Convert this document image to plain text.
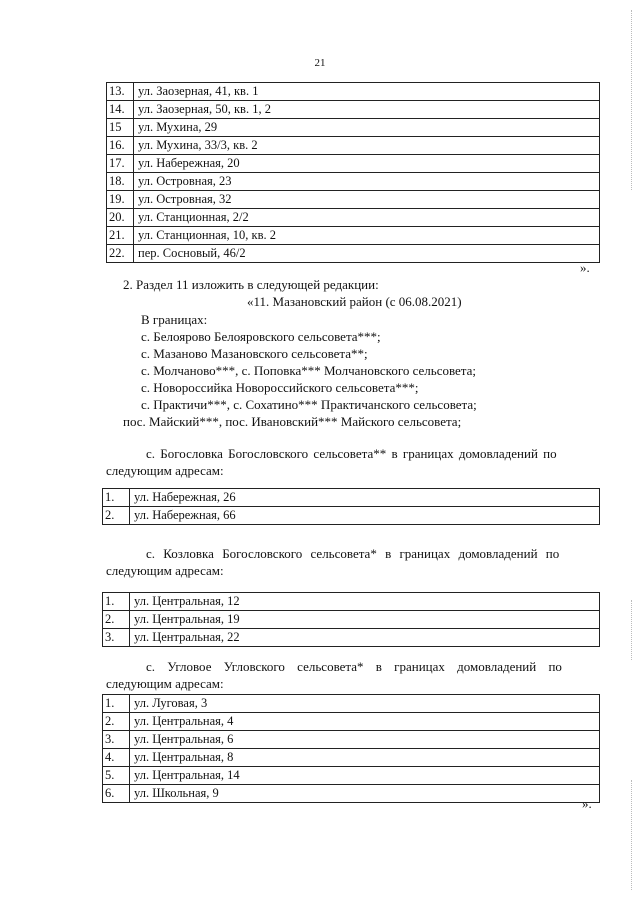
21
13.	ул. Заозерная, 41, кв. 1
14.	ул. Заозерная, 50, кв. 1, 2
15	ул. Мухина, 29
16.	ул. Мухина, 33/3, кв. 2
17.	ул. Набережная, 20
18.	ул. Островная, 23
19.	ул. Островная, 32
20.	ул. Станционная, 2/2
21.	ул. Станционная, 10, кв. 2
22.	пер. Сосновый, 46/2
».
2. Раздел 11 изложить в следующей редакции:
«11. Мазановский район (с 06.08.2021)
В границах:
с. Белоярово Белояровского сельсовета***;
с. Мазаново Мазановского сельсовета**;
с. Молчаново***, с. Поповка*** Молчановского сельсовета;
с. Новороссийка Новороссийского сельсовета***;
с. Практичи***, с. Сохатино*** Практичанского сельсовета;
пос. Майский***, пос. Ивановский*** Майского сельсовета;
с. Богословка Богословского сельсовета** в границах домовладений по
следующим адресам:
1.	ул. Набережная, 26
2.	ул. Набережная, 66
с. Козловка Богословского сельсовета* в границах домовладений по
следующим адресам:
1.	ул. Центральная, 12
2.	ул. Центральная, 19
3.	ул. Центральная, 22
с. Угловое Угловского сельсовета* в границах домовладений по
следующим адресам:
1.	ул. Луговая, 3
2.	ул. Центральная, 4
3.	ул. Центральная, 6
4.	ул. Центральная, 8
5.	ул. Центральная, 14
6.	ул. Школьная, 9
».
